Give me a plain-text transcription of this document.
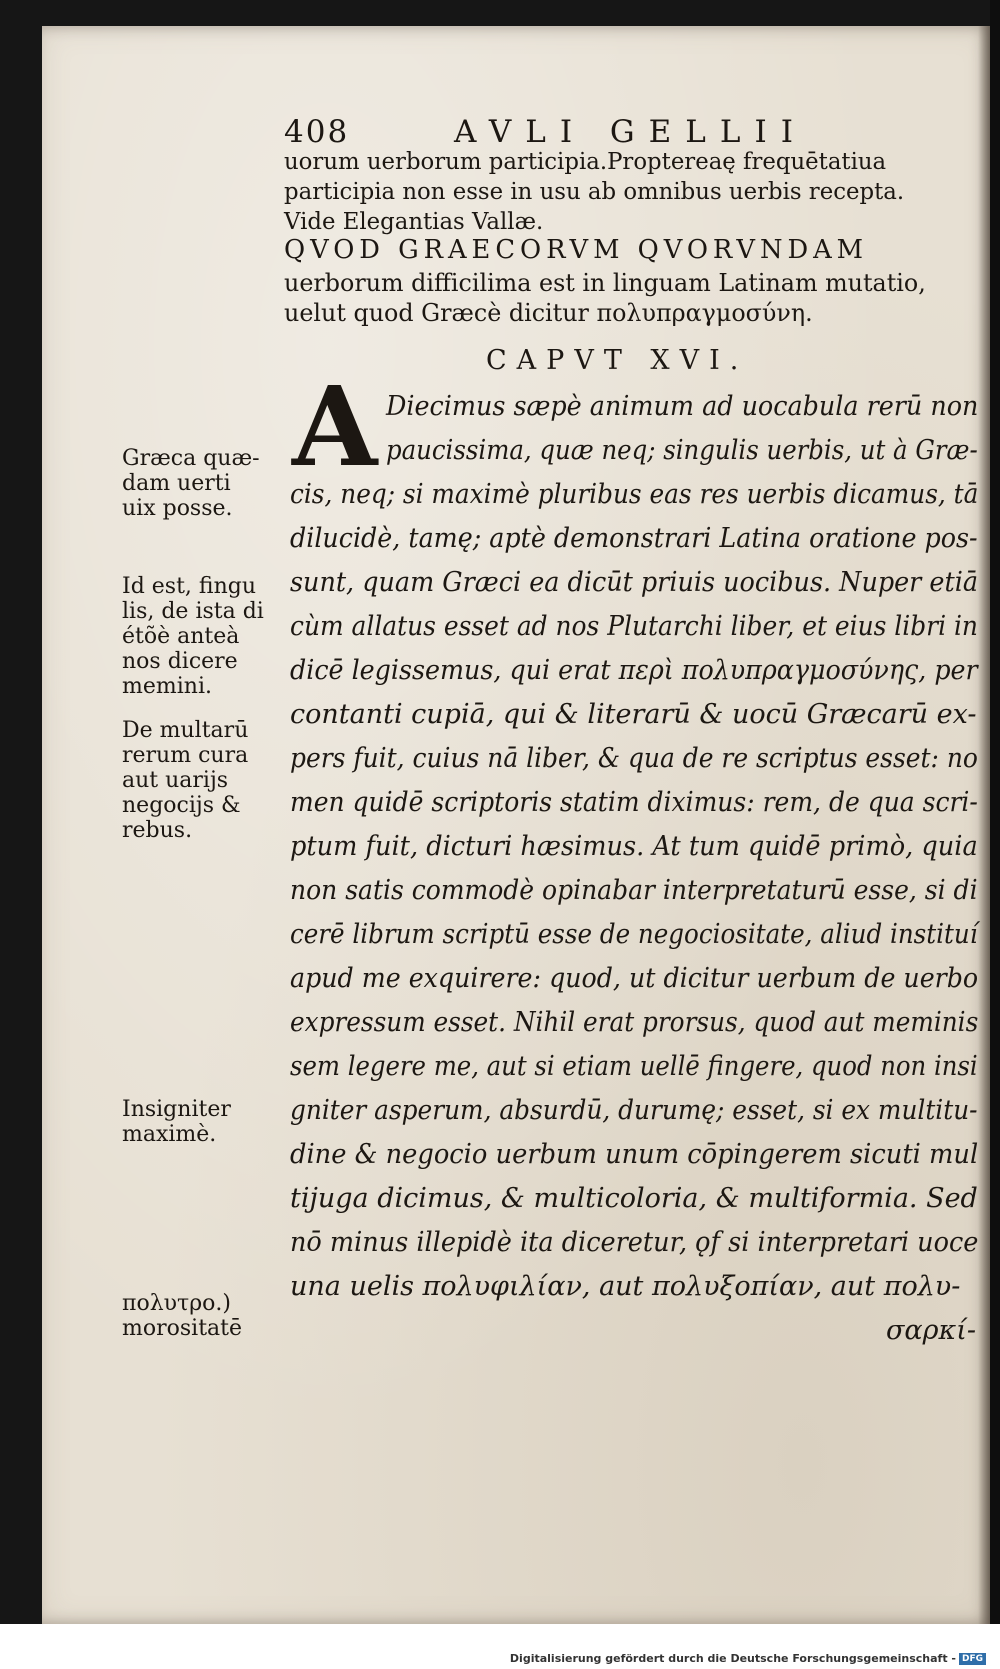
408	AVLI GELLII
uorum uerborum participia.Proptereaę frequētatiua
participia non esse in usu ab omnibus uerbis recepta.
Vide Elegantias Vallæ.
QVOD GRAECORVM QVORVNDAM
uerborum difficilima est in linguam Latinam mutatio,
uelut quod Græcè dicitur πολυπραγμοσύνη.
CAPVT XVI.
A Diecimus sæpè animum ad uocabula rerū non
paucissima, quæ neq; singulis uerbis, ut à Græ-
cis, neq; si maximè pluribus eas res uerbis dicamus, tā
dilucidè, tamę; aptè demonstrari Latina oratione pos-
sunt, quam Græci ea dicūt priuis uocibus. Nuper etiā
cùm allatus esset ad nos Plutarchi liber, et eius libri in
dicē legissemus, qui erat περὶ πολυπραγμοσύνης, per
contanti cupiā, qui & literarū & uocū Græcarū ex-
pers fuit, cuius nā liber, & qua de re scriptus esset: no
men quidē scriptoris statim diximus: rem, de qua scri-
ptum fuit, dicturi hæsimus. At tum quidē primò, quia
non satis commodè opinabar interpretaturū esse, si di
cerē librum scriptū esse de negociositate, aliud instituí
apud me exquirere: quod, ut dicitur uerbum de uerbo
expressum esset. Nihil erat prorsus, quod aut meminis
sem legere me, aut si etiam uellē fingere, quod non insi
gniter asperum, absurdū, durumę; esset, si ex multitu-
dine & negocio uerbum unum cōpingerem sicuti mul
tijuga dicimus, & multicoloria, & multiformia. Sed
nō minus illepidè ita diceretur, ǫf si interpretari uoce
una uelis πολυφιλίαν, aut πολυξοπίαν, aut πολυ-
σαρκί-
Græca quæ-
dam uerti
uix posse.
Id est, fingu
lis, de ista di
étõè anteà
nos dicere
memini.
De multarū
rerum cura
aut uarijs
negocijs &
rebus.
Insigniter
maximè.
πολυτρο.)
morositatē
Digitalisierung gefördert durch die Deutsche Forschungsgemeinschaft - DFG
